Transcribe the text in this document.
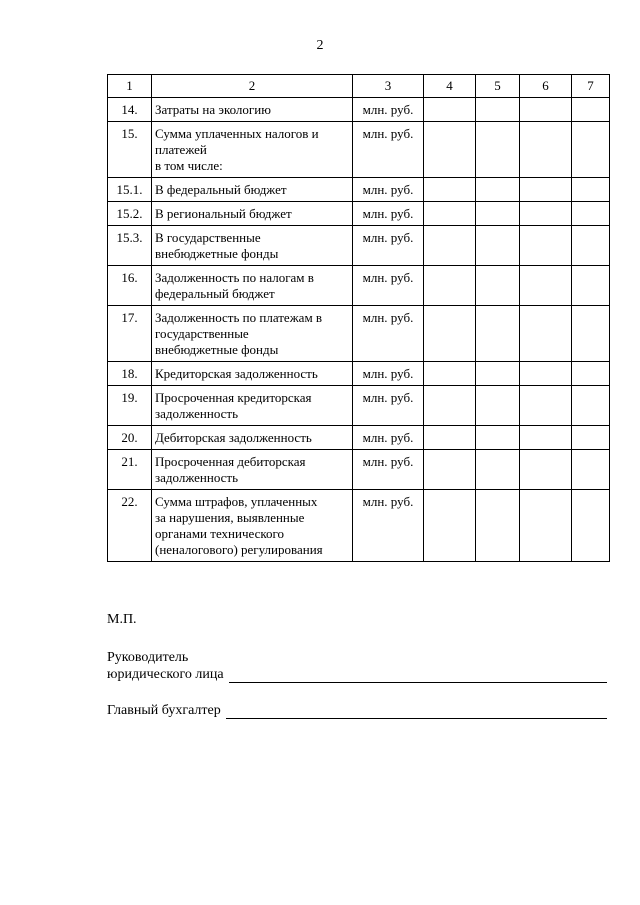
2
1	2	3	4	5	6	7
14.	Затраты на экологию	млн. руб.				
15.	Сумма уплаченных налогов и
платежей
в том числе:	млн. руб.				
15.1.	В федеральный бюджет	млн. руб.				
15.2.	В региональный бюджет	млн. руб.				
15.3.	В государственные
внебюджетные фонды	млн. руб.				
16.	Задолженность по налогам в
федеральный бюджет	млн. руб.				
17.	Задолженность по платежам в
государственные
внебюджетные фонды	млн. руб.				
18.	Кредиторская задолженность	млн. руб.				
19.	Просроченная кредиторская
задолженность	млн. руб.				
20.	Дебиторская задолженность	млн. руб.				
21.	Просроченная дебиторская
задолженность	млн. руб.				
22.	Сумма штрафов, уплаченных
за нарушения, выявленные
органами технического
(неналогового) регулирования	млн. руб.				
М.П.
Руководитель
юридического лица
Главный бухгалтер
